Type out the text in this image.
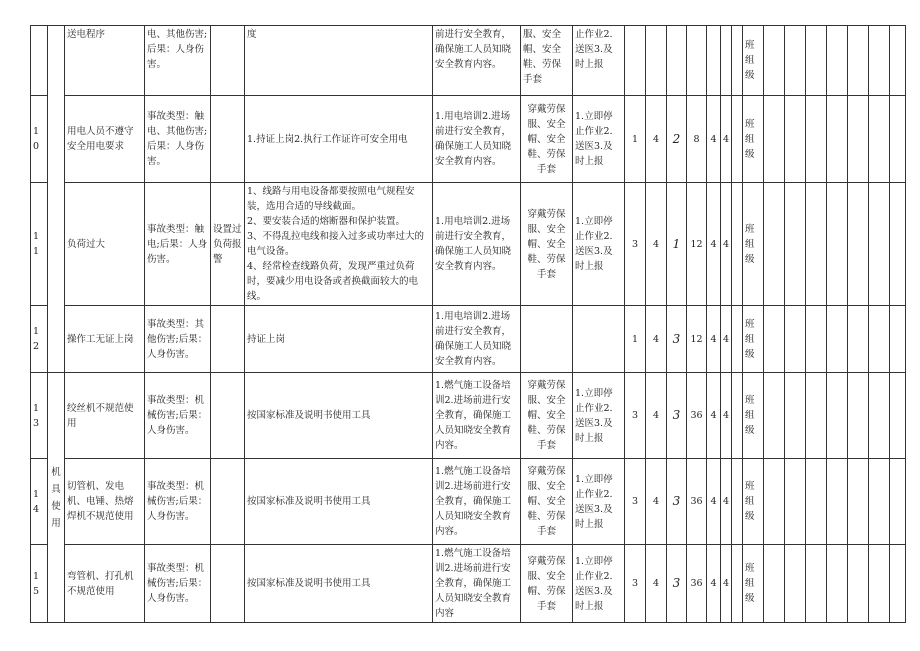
		送电程序	电、其他伤害;后果：人身伤害。		度	前进行安全教育，确保施工人员知晓安全教育内容。	服、安全帽、安全鞋、劳保手套	止作业2.送医3.及时上报								班组级							
10		用电人员不遵守安全用电要求	事故类型：触电、其他伤害;后果：人身伤害。		1.持证上岗2.执行工作证许可安全用电	1.用电培训2.进场前进行安全教育，确保施工人员知晓安全教育内容。	穿戴劳保服、安全帽、安全鞋、劳保手套	1.立即停止作业2.送医3.及时上报	1	4	2	8	4	4		班组级							
11		负荷过大	事故类型：触电;后果：人身伤害。	设置过负荷报警	1、线路与用电设备都要按照电气规程安装，选用合适的导线截面。
2、要安装合适的熔断器和保护装置。
3、不得乱拉电线和接入过多或功率过大的电气设备。
4、经常检查线路负荷，发现严重过负荷时，要减少用电设备或者换截面较大的电线。	1.用电培训2.进场前进行安全教育，确保施工人员知晓安全教育内容。	穿戴劳保服、安全帽、安全鞋、劳保手套	1.立即停止作业2.送医3.及时上报	3	4	1	12	4	4		班组级							
12		操作工无证上岗	事故类型：其他伤害;后果：人身伤害。		持证上岗	1.用电培训2.进场前进行安全教育，确保施工人员知晓安全教育内容。			1	4	3	12	4	4		班组级							
13	机具使用	绞丝机不规范使用	事故类型：机械伤害;后果：人身伤害。		按国家标准及说明书使用工具	1.燃气施工设备培训2.进场前进行安全教育，确保施工人员知晓安全教育内容。	穿戴劳保服、安全帽、安全鞋、劳保手套	1.立即停止作业2.送医3.及时上报	3	4	3	36	4	4		班组级							
14		切管机、发电机、电锤、热熔焊机不规范使用	事故类型：机械伤害;后果：人身伤害。		按国家标准及说明书使用工具	1.燃气施工设备培训2.进场前进行安全教育，确保施工人员知晓安全教育内容。	穿戴劳保服、安全帽、安全鞋、劳保手套	1.立即停止作业2.送医3.及时上报	3	4	3	36	4	4		班组级							
15		弯管机、打孔机不规范使用	事故类型：机械伤害;后果：人身伤害。		按国家标准及说明书使用工具	1.燃气施工设备培训2.进场前进行安全教育，确保施工人员知晓安全教育内容	穿戴劳保服、安全帽、劳保手套	1.立即停止作业2.送医3.及时上报	3	4	3	36	4	4		班组级							
